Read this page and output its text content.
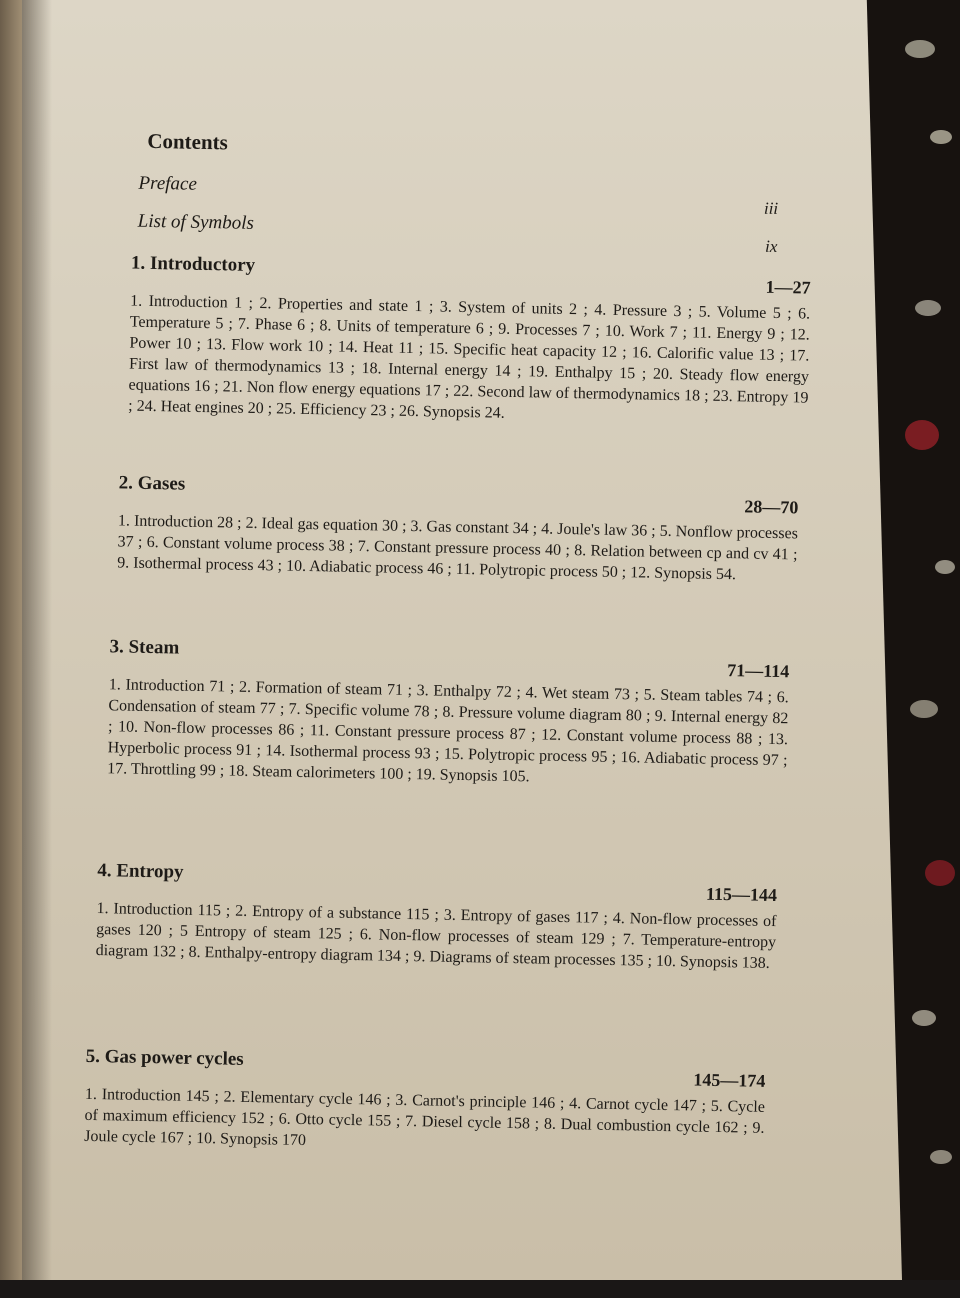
Contents
Preface
iii
List of Symbols
ix
1. Introductory
1—27
1. Introduction 1 ; 2. Properties and state 1 ; 3. System of units 2 ; 4. Pressure 3 ; 5. Volume 5 ; 6. Temperature 5 ; 7. Phase 6 ; 8. Units of temperature 6 ; 9. Processes 7 ; 10. Work 7 ; 11. Energy 9 ; 12. Power 10 ; 13. Flow work 10 ; 14. Heat 11 ; 15. Specific heat capacity 12 ; 16. Calorific value 13 ; 17. First law of thermodynamics 13 ; 18. Internal energy 14 ; 19. Enthalpy 15 ; 20. Steady flow energy equations 16 ; 21. Non flow energy equations 17 ; 22. Second law of thermodynamics 18 ; 23. Entropy 19 ; 24. Heat engines 20 ; 25. Efficiency 23 ; 26. Synopsis 24.
2. Gases
28—70
1. Introduction 28 ; 2. Ideal gas equation 30 ; 3. Gas constant 34 ; 4. Joule's law 36 ; 5. Nonflow processes 37 ; 6. Constant volume process 38 ; 7. Constant pressure process 40 ; 8. Relation between cp and cv 41 ; 9. Isothermal process 43 ; 10. Adiabatic process 46 ; 11. Polytropic process 50 ; 12. Synopsis 54.
3. Steam
71—114
1. Introduction 71 ; 2. Formation of steam 71 ; 3. Enthalpy 72 ; 4. Wet steam 73 ; 5. Steam tables 74 ; 6. Condensation of steam 77 ; 7. Specific volume 78 ; 8. Pressure volume diagram 80 ; 9. Internal energy 82 ; 10. Non-flow processes 86 ; 11. Constant pressure process 87 ; 12. Constant volume process 88 ; 13. Hyperbolic process 91 ; 14. Isothermal process 93 ; 15. Polytropic process 95 ; 16. Adiabatic process 97 ; 17. Throttling 99 ; 18. Steam calorimeters 100 ; 19. Synopsis 105.
4. Entropy
115—144
1. Introduction 115 ; 2. Entropy of a substance 115 ; 3. Entropy of gases 117 ; 4. Non-flow processes of gases 120 ; 5 Entropy of steam 125 ; 6. Non-flow processes of steam 129 ; 7. Temperature-entropy diagram 132 ; 8. Enthalpy-entropy diagram 134 ; 9. Diagrams of steam processes 135 ; 10. Synopsis 138.
5. Gas power cycles
145—174
1. Introduction 145 ; 2. Elementary cycle 146 ; 3. Carnot's principle 146 ; 4. Carnot cycle 147 ; 5. Cycle of maximum efficiency 152 ; 6. Otto cycle 155 ; 7. Diesel cycle 158 ; 8. Dual combustion cycle 162 ; 9. Joule cycle 167 ; 10. Synopsis 170
